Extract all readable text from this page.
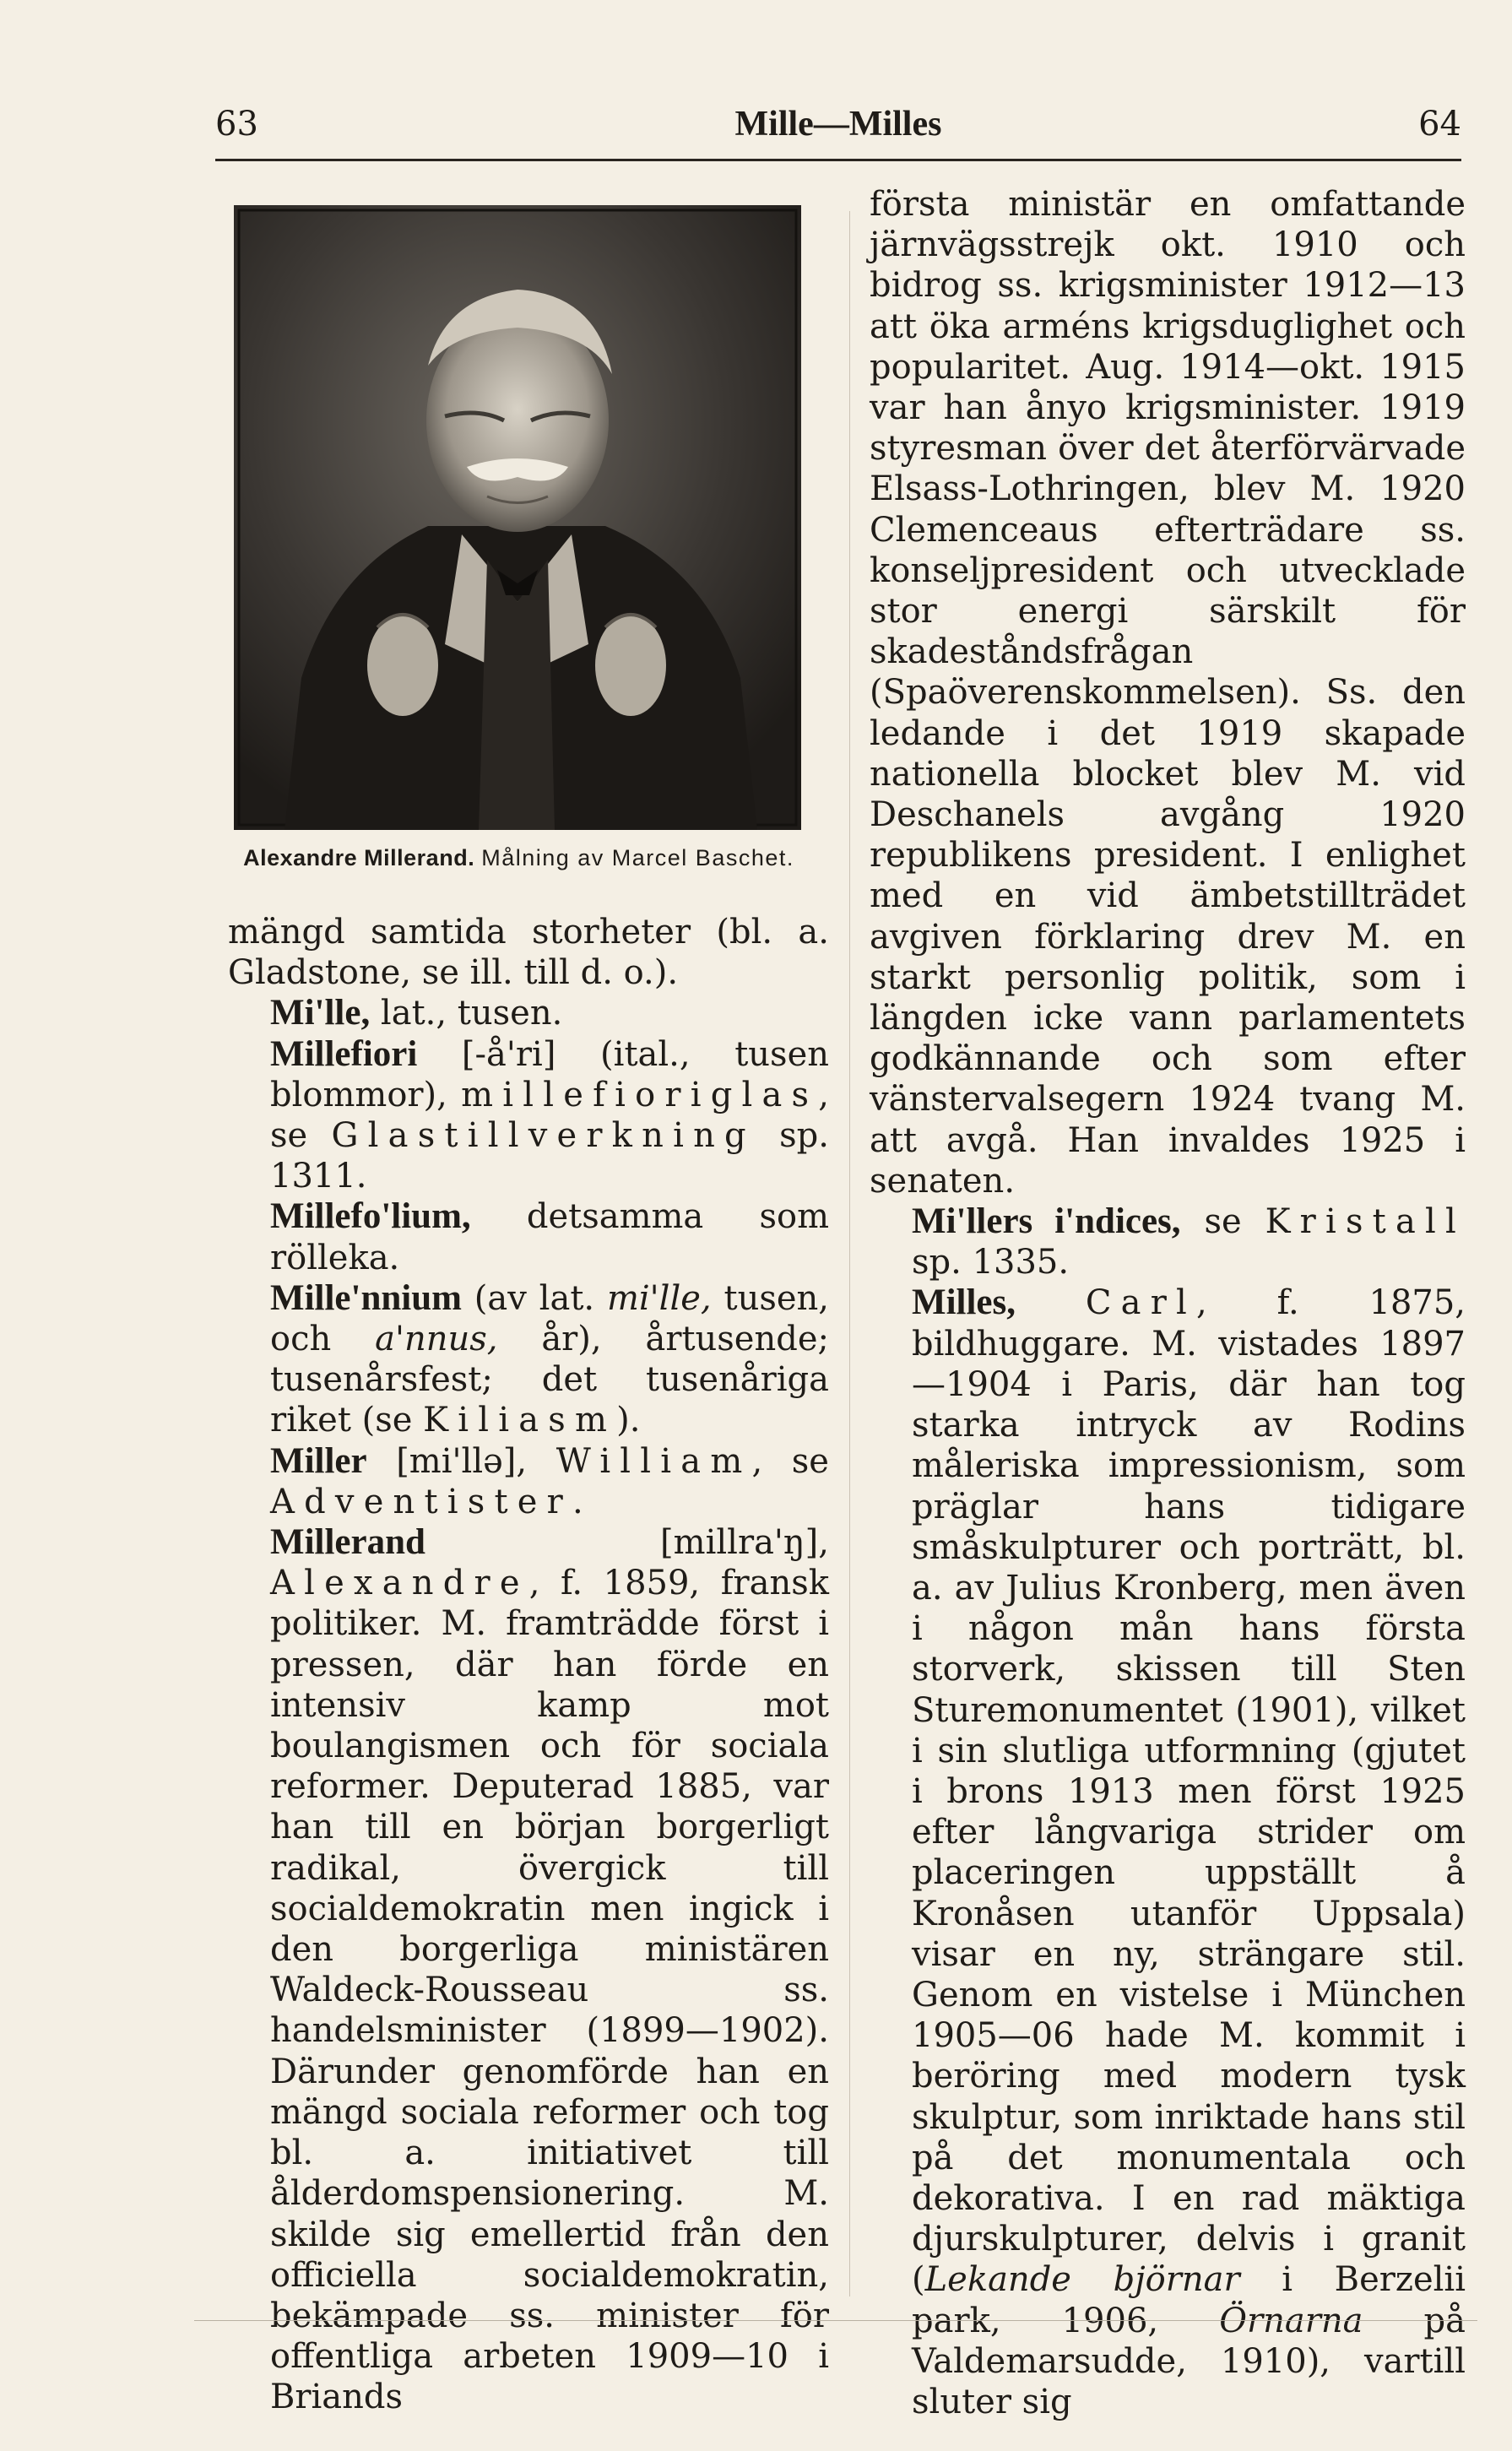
63	Mille—Milles	64
Alexandre Millerand. Målning av Marcel Baschet.

mängd samtida storheter (bl. a. Gladstone, se ill. till d. o.).

Mi'lle, lat., tusen.

Millefiori [-å'ri] (ital., tusen blommor), millefioriglas, se Glastillverkning sp. 1311.

Millefo'lium, detsamma som rölleka.

Mille'nnium (av lat. mi'lle, tusen, och a'nnus, år), årtusende; tusenårsfest; det tusenåriga riket (se Kiliasm).

Miller [mi'llə], William, se Adventister.

Millerand [millra'ŋ], Alexandre, f. 1859, fransk politiker. M. framträdde först i pressen, där han förde en intensiv kamp mot boulangismen och för sociala reformer. Deputerad 1885, var han till en början borgerligt radikal, övergick till socialdemokratin men ingick i den borgerliga ministären Waldeck-Rousseau ss. handelsminister (1899—1902). Därunder genomförde han en mängd sociala reformer och tog bl. a. initiativet till ålderdomspensionering. M. skilde sig emellertid från den officiella socialdemokratin, bekämpade ss. minister för offentliga arbeten 1909—10 i Briands

första ministär en omfattande järnvägsstrejk okt. 1910 och bidrog ss. krigsminister 1912—13 att öka arméns krigsduglighet och popularitet. Aug. 1914—okt. 1915 var han ånyo krigsminister. 1919 styresman över det återförvärvade Elsass-Lothringen, blev M. 1920 Clemenceaus efterträdare ss. konseljpresident och utvecklade stor energi särskilt för skadeståndsfrågan (Spaöverenskommelsen). Ss. den ledande i det 1919 skapade nationella blocket blev M. vid Deschanels avgång 1920 republikens president. I enlighet med en vid ämbetstillträdet avgiven förklaring drev M. en starkt personlig politik, som i längden icke vann parlamentets godkännande och som efter vänstervalsegern 1924 tvang M. att avgå. Han invaldes 1925 i senaten.

Mi'llers i'ndices, se Kristall sp. 1335.

Milles, Carl, f. 1875, bildhuggare. M. vistades 1897—1904 i Paris, där han tog starka intryck av Rodins måleriska impressionism, som präglar hans tidigare småskulpturer och porträtt, bl. a. av Julius Kronberg, men även i någon mån hans första storverk, skissen till Sten Sturemonumentet (1901), vilket i sin slutliga utformning (gjutet i brons 1913 men först 1925 efter långvariga strider om placeringen uppställt å Kronåsen utanför Uppsala) visar en ny, strängare stil. Genom en vistelse i München 1905—06 hade M. kommit i beröring med modern tysk skulptur, som inriktade hans stil på det monumentala och dekorativa. I en rad mäktiga djurskulpturer, delvis i granit (Lekande björnar i Berzelii park, 1906, Örnarna på Valdemarsudde, 1910), vartill sluter sig
